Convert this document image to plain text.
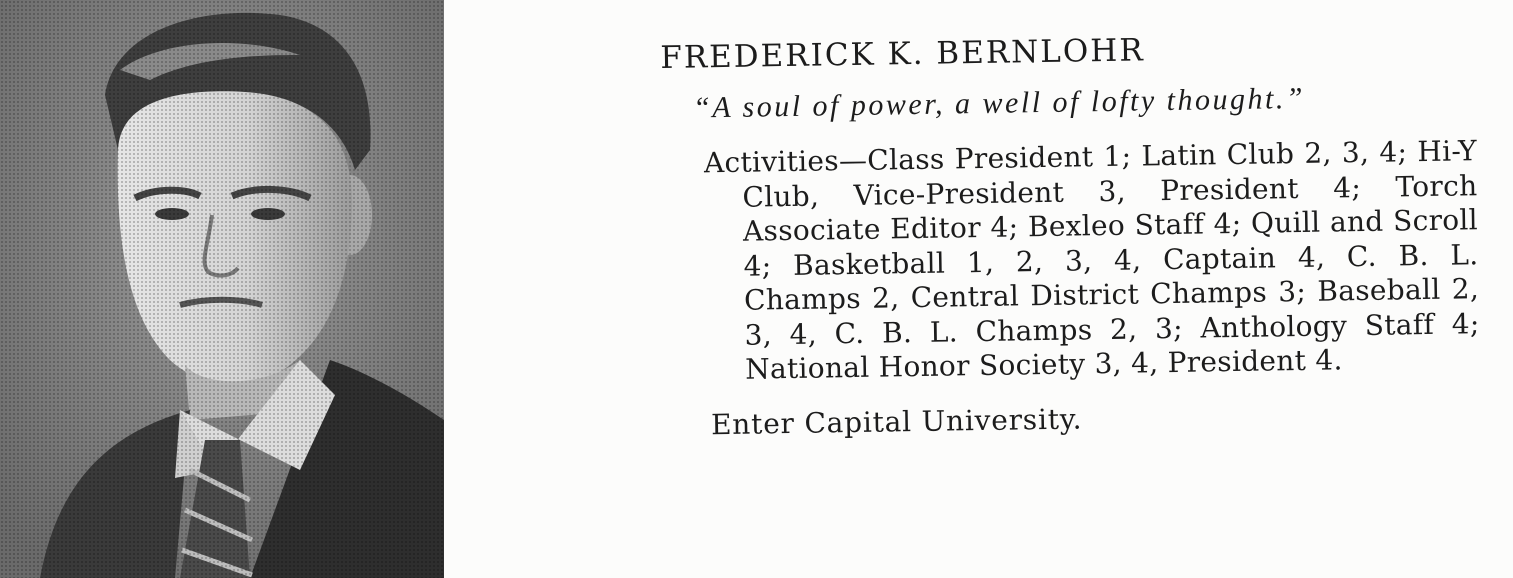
FREDERICK K. BERNLOHR

“A soul of power, a well of lofty thought.”

Activities—Class President 1; Latin Club 2, 3, 4; Hi-Y Club, Vice-President 3, President 4; Torch Associate Editor 4; Bexleo Staff 4; Quill and Scroll 4; Basketball 1, 2, 3, 4, Captain 4, C. B. L. Champs 2, Central District Champs 3; Baseball 2, 3, 4, C. B. L. Champs 2, 3; Anthology Staff 4; National Honor Society 3, 4, President 4.

Enter Capital University.
